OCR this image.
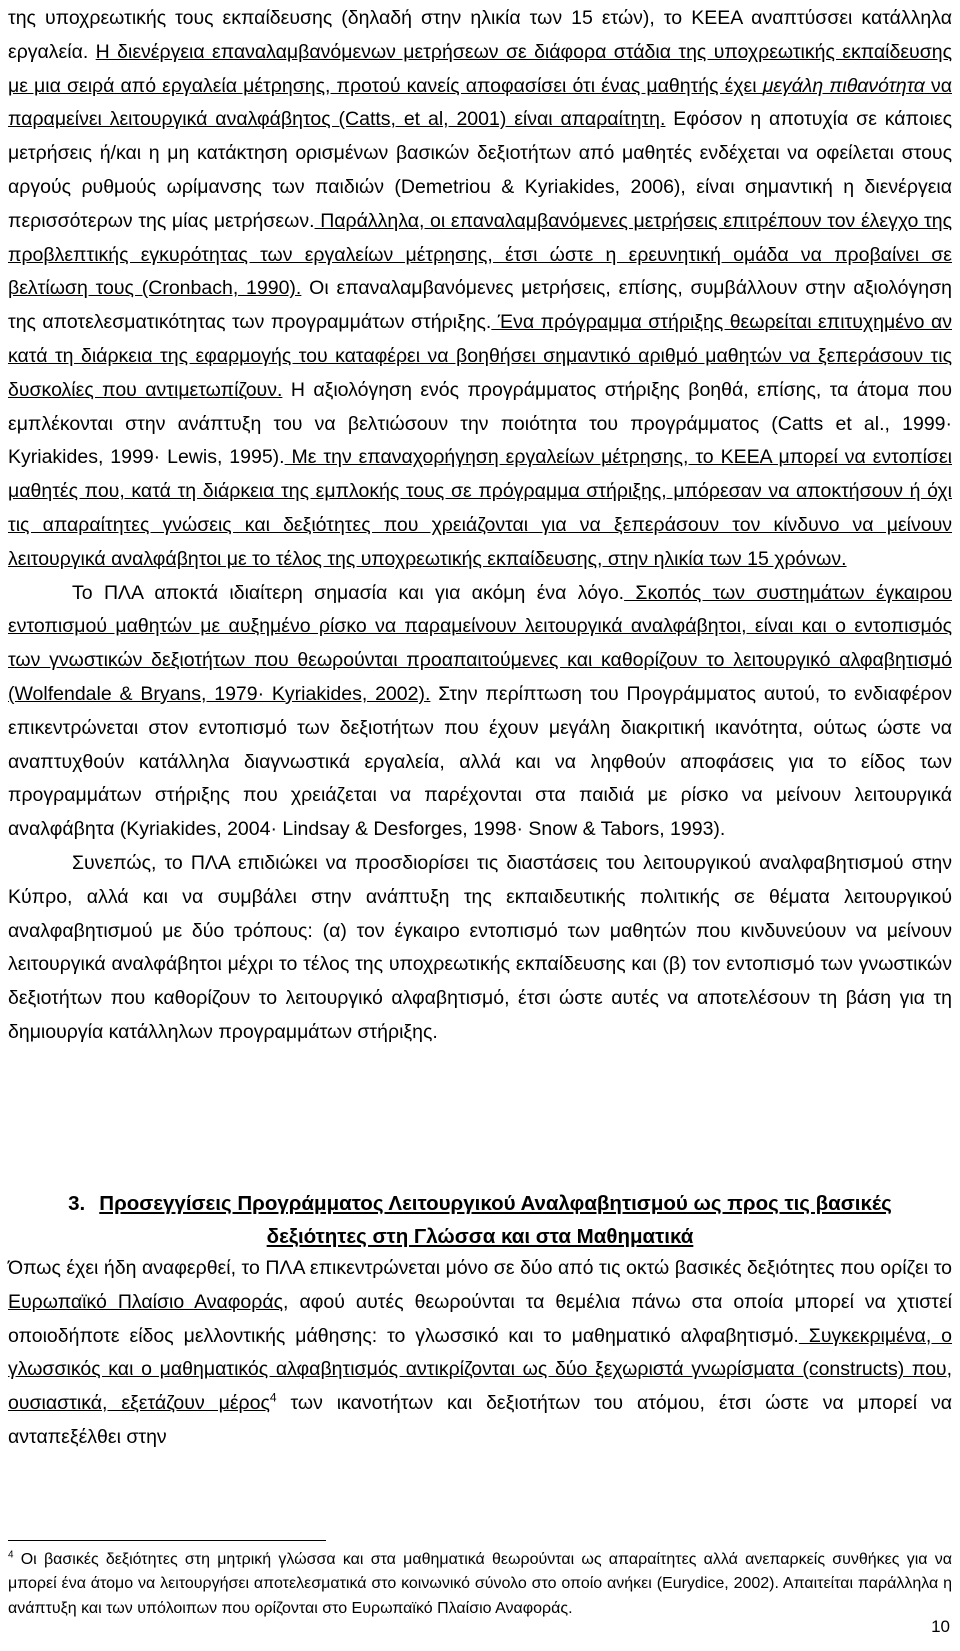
της υποχρεωτικής τους εκπαίδευσης (δηλαδή στην ηλικία των 15 ετών), το ΚΕΕΑ αναπτύσσει κατάλληλα εργαλεία. Η διενέργεια επαναλαμβανόμενων μετρήσεων σε διάφορα στάδια της υποχρεωτικής εκπαίδευσης με μια σειρά από εργαλεία μέτρησης, προτού κανείς αποφασίσει ότι ένας μαθητής έχει μεγάλη πιθανότητα να παραμείνει λειτουργικά αναλφάβητος (Catts, et al, 2001) είναι απαραίτητη. Εφόσον η αποτυχία σε κάποιες μετρήσεις ή/και η μη κατάκτηση ορισμένων βασικών δεξιοτήτων από μαθητές ενδέχεται να οφείλεται στους αργούς ρυθμούς ωρίμανσης των παιδιών (Demetriou & Kyriakides, 2006), είναι σημαντική η διενέργεια περισσότερων της μίας μετρήσεων. Παράλληλα, οι επαναλαμβανόμενες μετρήσεις επιτρέπουν τον έλεγχο της προβλεπτικής εγκυρότητας των εργαλείων μέτρησης, έτσι ώστε η ερευνητική ομάδα να προβαίνει σε βελτίωση τους (Cronbach, 1990). Οι επαναλαμβανόμενες μετρήσεις, επίσης, συμβάλλουν στην αξιολόγηση της αποτελεσματικότητας των προγραμμάτων στήριξης. Ένα πρόγραμμα στήριξης θεωρείται επιτυχημένο αν κατά τη διάρκεια της εφαρμογής του καταφέρει να βοηθήσει σημαντικό αριθμό μαθητών να ξεπεράσουν τις δυσκολίες που αντιμετωπίζουν. Η αξιολόγηση ενός προγράμματος στήριξης βοηθά, επίσης, τα άτομα που εμπλέκονται στην ανάπτυξη του να βελτιώσουν την ποιότητα του προγράμματος (Catts et al., 1999· Kyriakides, 1999· Lewis, 1995). Με την επαναχορήγηση εργαλείων μέτρησης, το ΚΕΕΑ μπορεί να εντοπίσει μαθητές που, κατά τη διάρκεια της εμπλοκής τους σε πρόγραμμα στήριξης, μπόρεσαν να αποκτήσουν ή όχι τις απαραίτητες γνώσεις και δεξιότητες που χρειάζονται για να ξεπεράσουν τον κίνδυνο να μείνουν λειτουργικά αναλφάβητοι με το τέλος της υποχρεωτικής εκπαίδευσης, στην ηλικία των 15 χρόνων.

Το ΠΛΑ αποκτά ιδιαίτερη σημασία και για ακόμη ένα λόγο. Σκοπός των συστημάτων έγκαιρου εντοπισμού μαθητών με αυξημένο ρίσκο να παραμείνουν λειτουργικά αναλφάβητοι, είναι και ο εντοπισμός των γνωστικών δεξιοτήτων που θεωρούνται προαπαιτούμενες και καθορίζουν το λειτουργικό αλφαβητισμό (Wolfendale & Bryans, 1979· Kyriakides, 2002). Στην περίπτωση του Προγράμματος αυτού, το ενδιαφέρον επικεντρώνεται στον εντοπισμό των δεξιοτήτων που έχουν μεγάλη διακριτική ικανότητα, ούτως ώστε να αναπτυχθούν κατάλληλα διαγνωστικά εργαλεία, αλλά και να ληφθούν αποφάσεις για το είδος των προγραμμάτων στήριξης που χρειάζεται να παρέχονται στα παιδιά με ρίσκο να μείνουν λειτουργικά αναλφάβητα (Kyriakides, 2004· Lindsay & Desforges, 1998· Snow & Tabors, 1993).

Συνεπώς, το ΠΛΑ επιδιώκει να προσδιορίσει τις διαστάσεις του λειτουργικού αναλφαβητισμού στην Κύπρο, αλλά και να συμβάλει στην ανάπτυξη της εκπαιδευτικής πολιτικής σε θέματα λειτουργικού αναλφαβητισμού με δύο τρόπους: (α) τον έγκαιρο εντοπισμό των μαθητών που κινδυνεύουν να μείνουν λειτουργικά αναλφάβητοι μέχρι το τέλος της υποχρεωτικής εκπαίδευσης και (β) τον εντοπισμό των γνωστικών δεξιοτήτων που καθορίζουν το λειτουργικό αλφαβητισμό, έτσι ώστε αυτές να αποτελέσουν τη βάση για τη δημιουργία κατάλληλων προγραμμάτων στήριξης.

3. Προσεγγίσεις Προγράμματος Λειτουργικού Αναλφαβητισμού ως προς τις βασικές
δεξιότητες στη Γλώσσα και στα Μαθηματικά

Όπως έχει ήδη αναφερθεί, το ΠΛΑ επικεντρώνεται μόνο σε δύο από τις οκτώ βασικές δεξιότητες που ορίζει το Ευρωπαϊκό Πλαίσιο Αναφοράς, αφού αυτές θεωρούνται τα θεμέλια πάνω στα οποία μπορεί να χτιστεί οποιοδήποτε είδος μελλοντικής μάθησης: το γλωσσικό και το μαθηματικό αλφαβητισμό. Συγκεκριμένα, ο γλωσσικός και ο μαθηματικός αλφαβητισμός αντικρίζονται ως δύο ξεχωριστά γνωρίσματα (constructs) που, ουσιαστικά, εξετάζουν μέρος$^4$ των ικανοτήτων και δεξιοτήτων του ατόμου, έτσι ώστε να μπορεί να ανταπεξέλθει στην

$^4$ Οι βασικές δεξιότητες στη μητρική γλώσσα και στα μαθηματικά θεωρούνται ως απαραίτητες αλλά ανεπαρκείς συνθήκες για να μπορεί ένα άτομο να λειτουργήσει αποτελεσματικά στο κοινωνικό σύνολο στο οποίο ανήκει (Eurydice, 2002). Απαιτείται παράλληλα η ανάπτυξη και των υπόλοιπων που ορίζονται στο Ευρωπαϊκό Πλαίσιο Αναφοράς.

10
